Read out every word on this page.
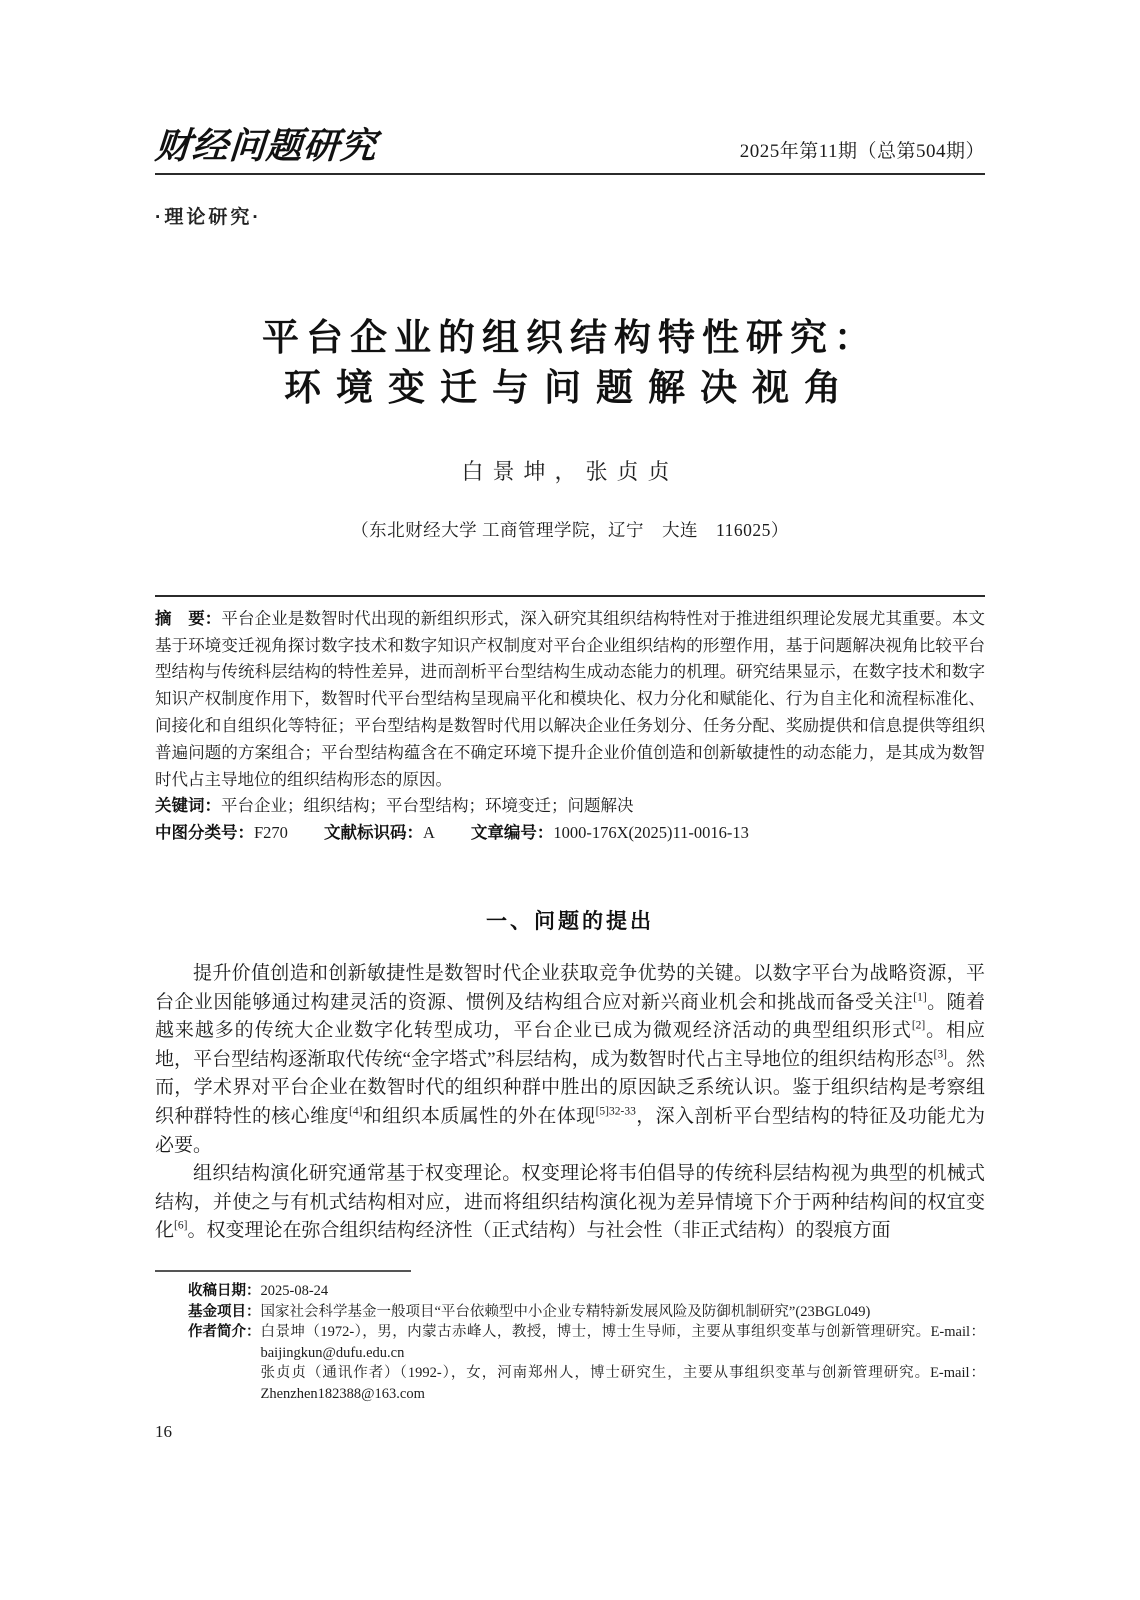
财经问题研究	2025年第11期（总第504期）
·理论研究·
平台企业的组织结构特性研究：
环境变迁与问题解决视角
白景坤，张贞贞
（东北财经大学 工商管理学院，辽宁　大连　116025）

摘　要：平台企业是数智时代出现的新组织形式，深入研究其组织结构特性对于推进组织理论发展尤其重要。本文基于环境变迁视角探讨数字技术和数字知识产权制度对平台企业组织结构的形塑作用，基于问题解决视角比较平台型结构与传统科层结构的特性差异，进而剖析平台型结构生成动态能力的机理。研究结果显示，在数字技术和数字知识产权制度作用下，数智时代平台型结构呈现扁平化和模块化、权力分化和赋能化、行为自主化和流程标准化、间接化和自组织化等特征；平台型结构是数智时代用以解决企业任务划分、任务分配、奖励提供和信息提供等组织普遍问题的方案组合；平台型结构蕴含在不确定环境下提升企业价值创造和创新敏捷性的动态能力，是其成为数智时代占主导地位的组织结构形态的原因。

关键词：平台企业；组织结构；平台型结构；环境变迁；问题解决

中图分类号：F270 文献标识码：A 文章编号：1000-176X(2025)11-0016-13

一、问题的提出

提升价值创造和创新敏捷性是数智时代企业获取竞争优势的关键。以数字平台为战略资源，平台企业因能够通过构建灵活的资源、惯例及结构组合应对新兴商业机会和挑战而备受关注[1]。随着越来越多的传统大企业数字化转型成功，平台企业已成为微观经济活动的典型组织形式[2]。相应地，平台型结构逐渐取代传统“金字塔式”科层结构，成为数智时代占主导地位的组织结构形态[3]。然而，学术界对平台企业在数智时代的组织种群中胜出的原因缺乏系统认识。鉴于组织结构是考察组织种群特性的核心维度[4]和组织本质属性的外在体现$^{[5]32-33}$，深入剖析平台型结构的特征及功能尤为必要。

组织结构演化研究通常基于权变理论。权变理论将韦伯倡导的传统科层结构视为典型的机械式结构，并使之与有机式结构相对应，进而将组织结构演化视为差异情境下介于两种结构间的权宜变化[6]。权变理论在弥合组织结构经济性（正式结构）与社会性（非正式结构）的裂痕方面

收稿日期： 2025-08-24
基金项目： 国家社会科学基金一般项目“平台依赖型中小企业专精特新发展风险及防御机制研究”(23BGL049)
作者简介： 白景坤（1972-），男，内蒙古赤峰人，教授，博士，博士生导师，主要从事组织变革与创新管理研究。E-mail：baijingkun@dufu.edu.cn
张贞贞（通讯作者）（1992-），女，河南郑州人，博士研究生，主要从事组织变革与创新管理研究。E-mail：Zhenzhen182388@163.com
16
